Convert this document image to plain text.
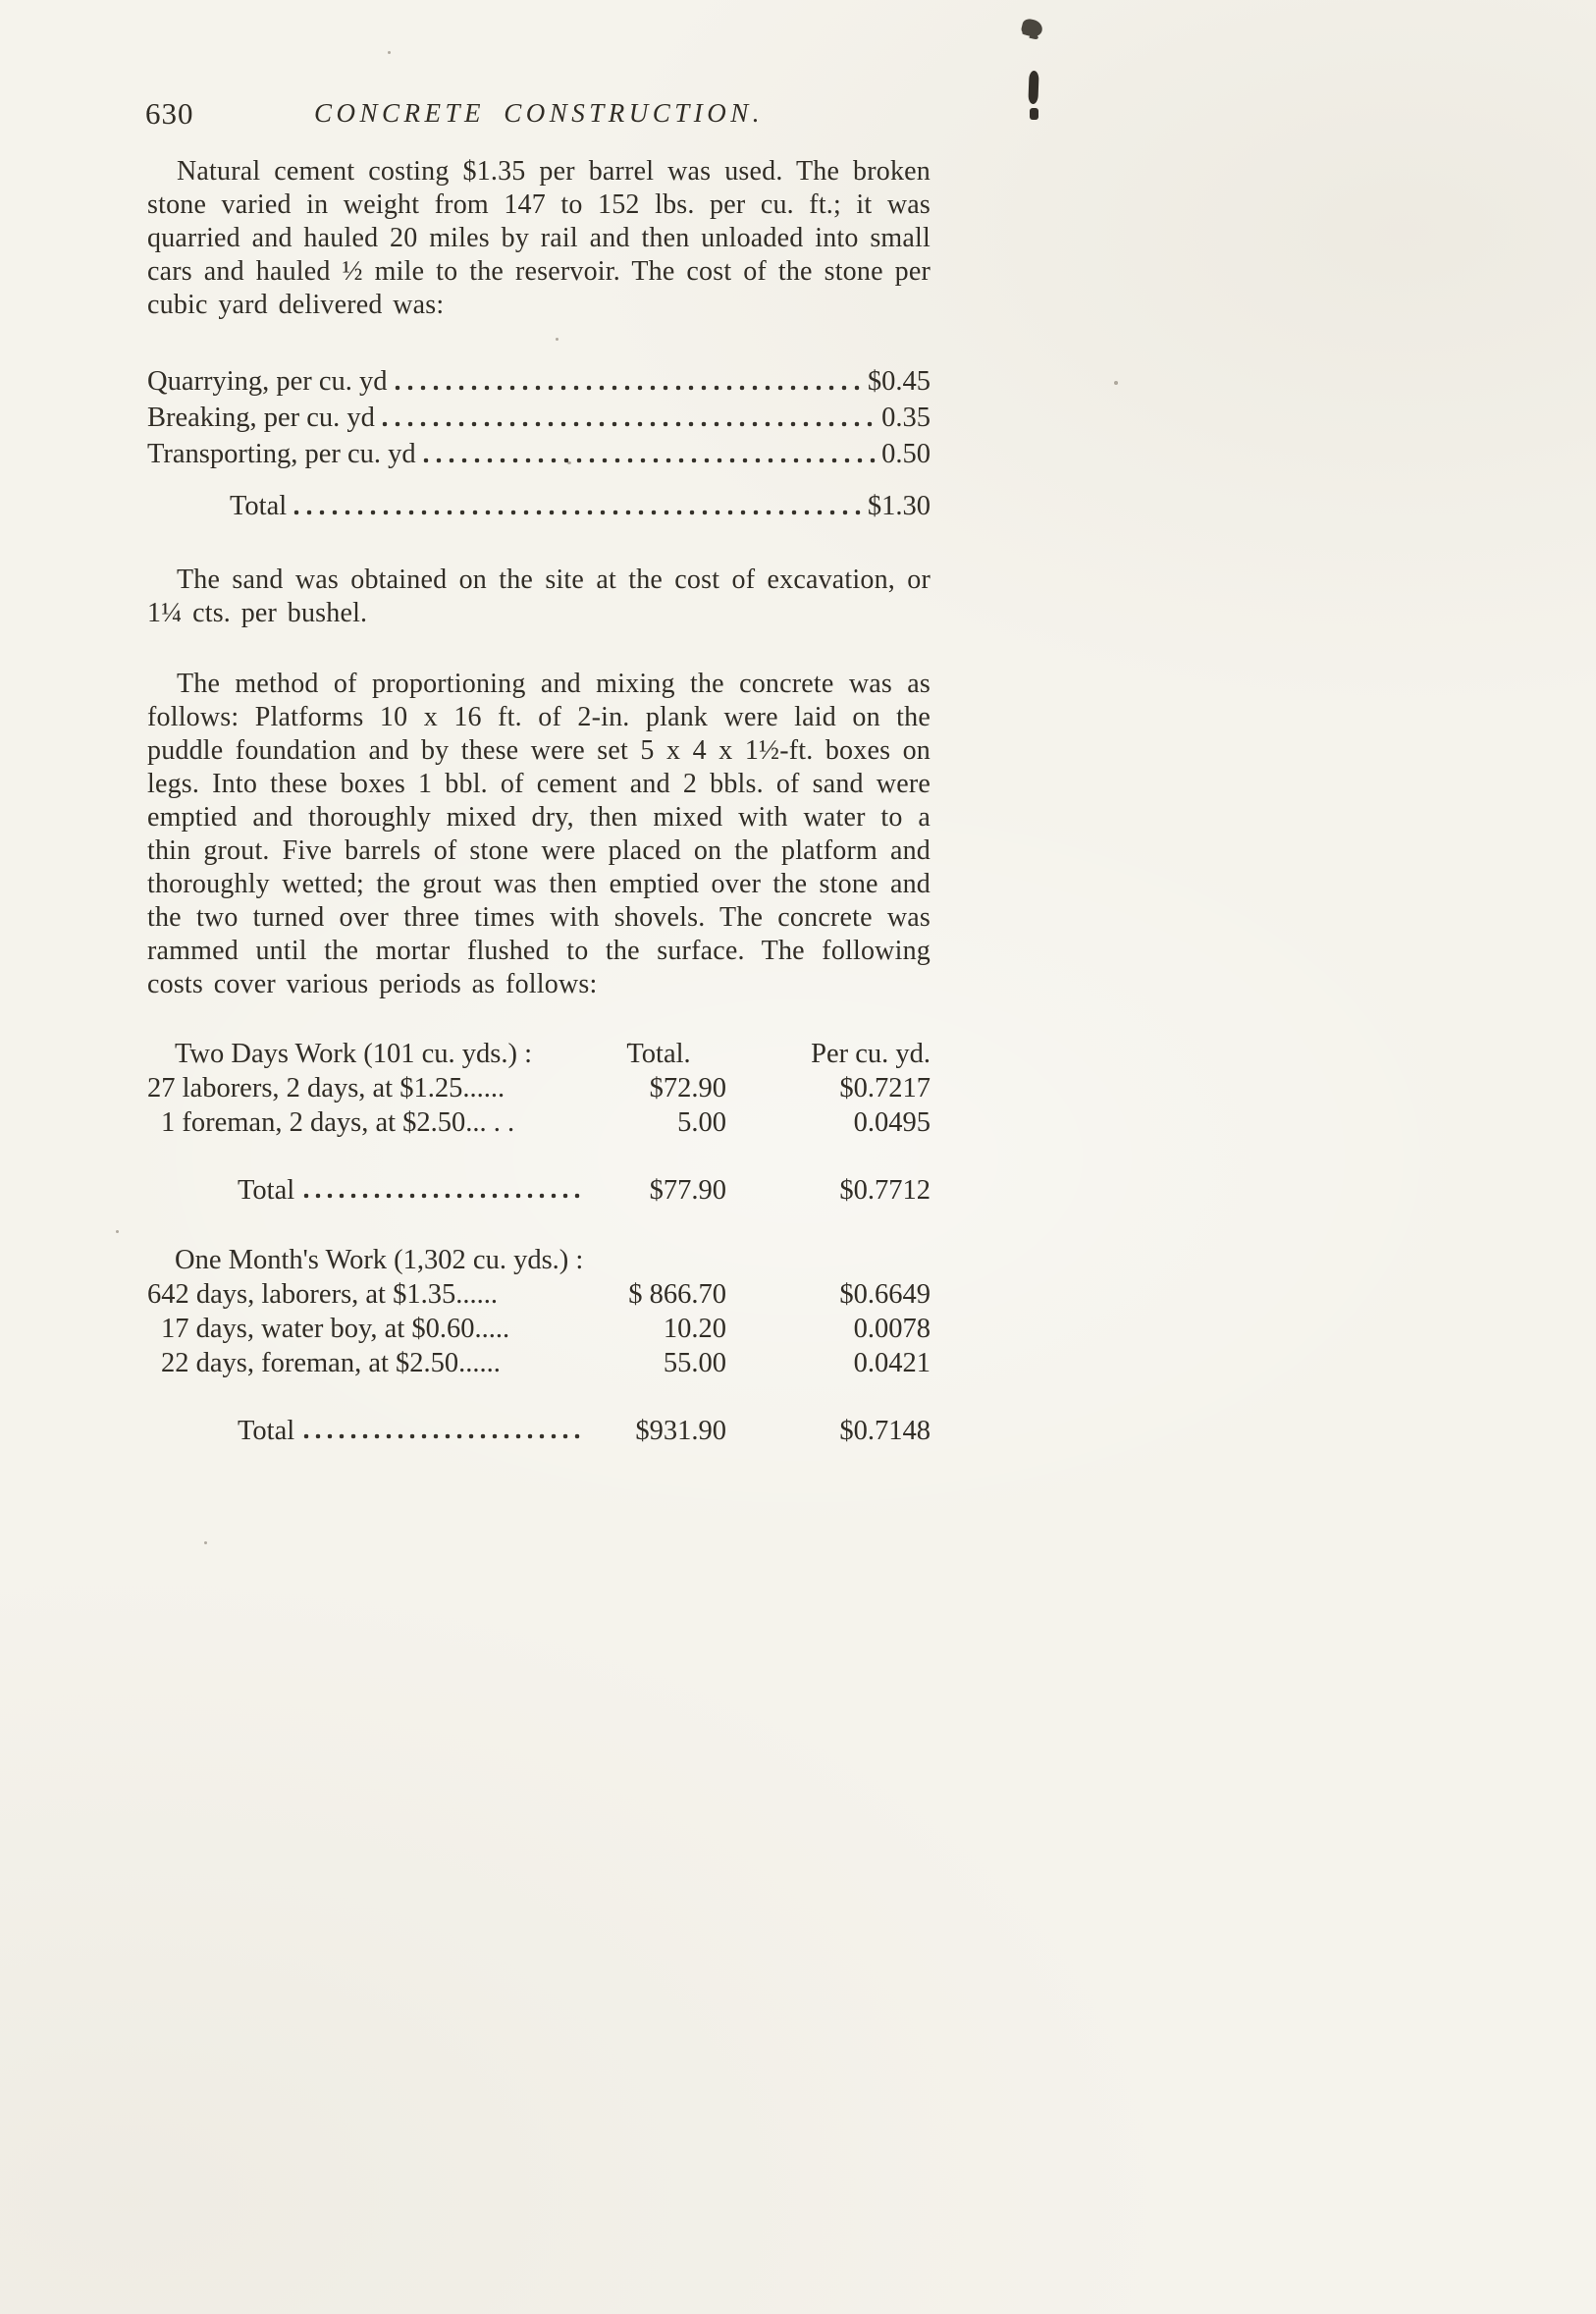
630	CONCRETE CONSTRUCTION.

Natural cement costing $1.35 per barrel was used. The broken stone varied in weight from 147 to 152 lbs. per cu. ft.; it was quarried and hauled 20 miles by rail and then unloaded into small cars and hauled ½ mile to the reservoir. The cost of the stone per cubic yard delivered was:

Quarrying, per cu. yd	$0.45
Breaking, per cu. yd	0.35
Transporting, per cu. yd	0.50
Total	$1.30

The sand was obtained on the site at the cost of excavation, or 1¼ cts. per bushel.

The method of proportioning and mixing the concrete was as follows: Platforms 10 x 16 ft. of 2-in. plank were laid on the puddle foundation and by these were set 5 x 4 x 1½-ft. boxes on legs. Into these boxes 1 bbl. of cement and 2 bbls. of sand were emptied and thoroughly mixed dry, then mixed with water to a thin grout. Five barrels of stone were placed on the platform and thoroughly wetted; the grout was then emptied over the stone and the two turned over three times with shovels. The concrete was rammed until the mortar flushed to the surface. The following costs cover various periods as follows:

Two Days Work (101 cu. yds.) :	Total.	Per cu. yd.
27 laborers, 2 days, at $1.25......	$72.90	$0.7217
1 foreman, 2 days, at $2.50... . .	5.00	0.0495
Total	$77.90	$0.7712
One Month's Work (1,302 cu. yds.) :
642 days, laborers, at $1.35......	$ 866.70	$0.6649
17 days, water boy, at $0.60.....	10.20	0.0078
22 days, foreman, at $2.50......	55.00	0.0421
Total	$931.90	$0.7148
